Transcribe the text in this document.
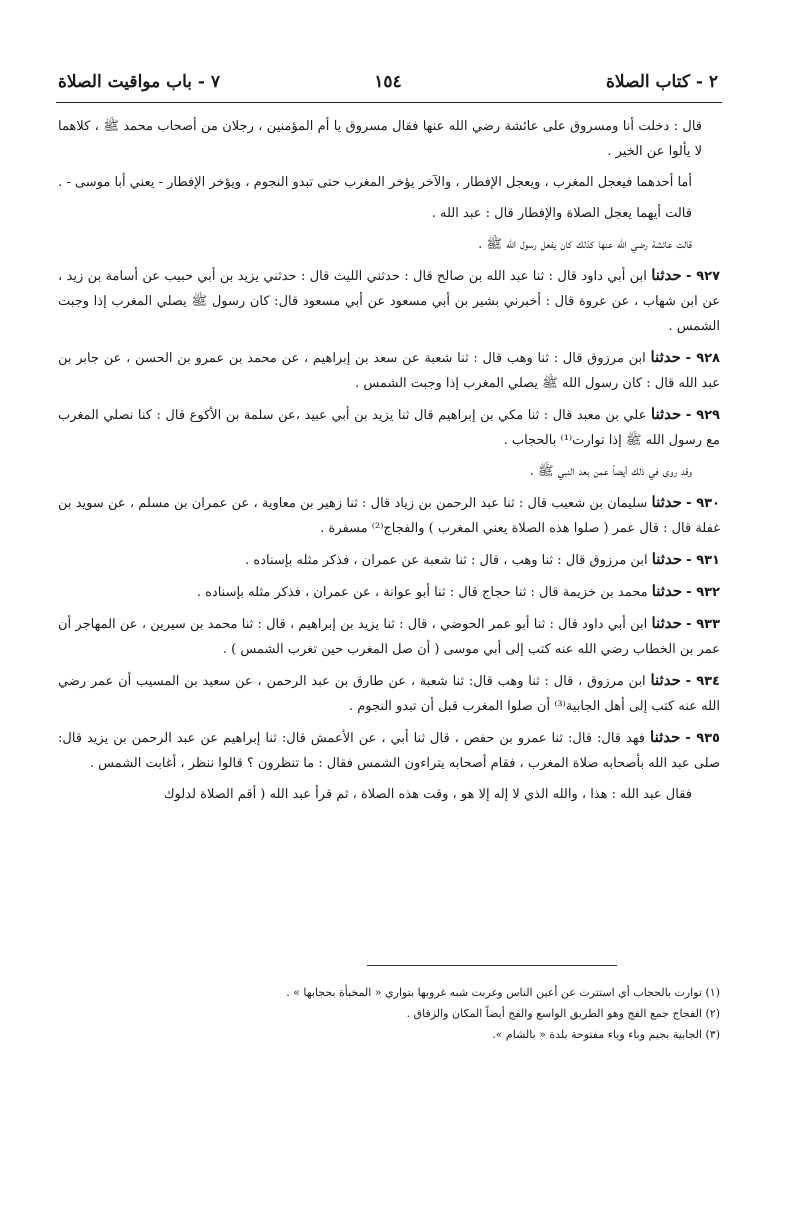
٢ - كتاب الصلاة
١٥٤
٧ - باب مواقيت الصلاة

قال : دخلت أنا ومسروق على عائشة رضي الله عنها فقال مسروق يا أم المؤمنين ، رجلان من أصحاب محمد ﷺ ، كلاهما لا يألوا عن الخير .

أما أحدهما فيعجل المغرب ، ويعجل الإفطار ، والآخر يؤخر المغرب حتى تبدو النجوم ، ويؤخر الإفطار - يعني أبا موسى - .

قالت أيهما يعجل الصلاة والإفطار قال : عبد الله .

قالت عائشة رضي الله عنها كذلك كان يفعل رسول الله ﷺ .

٩٢٧ - حدثنا ابن أبي داود قال : ثنا عبد الله بن صالح قال : حدثني الليث قال : حدثني يزيد بن أبي حبيب عن أسامة بن زيد ، عن ابن شهاب ، عن عروة قال : أخبرني بشير بن أبي مسعود عن أبي مسعود قال: كان رسول ﷺ يصلي المغرب إذا وجبت الشمس .

٩٢٨ - حدثنا ابن مرزوق قال : ثنا وهب قال : ثنا شعبة عن سعد بن إبراهيم ، عن محمد بن عمرو بن الحسن ، عن جابر بن عبد الله قال : كان رسول الله ﷺ يصلي المغرب إذا وجبت الشمس .

٩٢٩ - حدثنا علي بن معبد قال : ثنا مكي بن إبراهيم قال ثنا يزيد بن أبي عبيد ،عن سلمة بن الأكوع قال : كنا نصلي المغرب مع رسول الله ﷺ إذا توارت⁽¹⁾ بالحجاب .

وقد روى في ذلك أيضاً عمن بعد النبي ﷺ .

٩٣٠ - حدثنا سليمان بن شعيب قال : ثنا عبد الرحمن بن زياد قال : ثنا زهير بن معاوية ، عن عمران بن مسلم ، عن سويد بن غفلة قال : قال عمر ( صلوا هذه الصلاة يعني المغرب ) والفجاج⁽²⁾ مسفرة .

٩٣١ - حدثنا ابن مرزوق قال : ثنا وهب ، قال : ثنا شعبة عن عمران ، فذكر مثله بإسناده .

٩٣٢ - حدثنا محمد بن خزيمة قال : ثنا حجاج قال : ثنا أبو عوانة ، عن عمران ، فذكر مثله بإسناده .

٩٣٣ - حدثنا ابن أبي داود قال : ثنا أبو عمر الحوضي ، قال : ثنا يزيد بن إبراهيم ، قال : ثنا محمد بن سيرين ، عن المهاجر أن عمر بن الخطاب رضي الله عنه كتب إلى أبي موسى ( أن صل المغرب حين تغرب الشمس ) .

٩٣٤ - حدثنا ابن مرزوق ، قال : ثنا وهب قال: ثنا شعبة ، عن طارق بن عبد الرحمن ، عن سعيد بن المسيب أن عمر رضي الله عنه كتب إلى أهل الجابية⁽³⁾ أن صلوا المغرب قبل أن تبدو النجوم .

٩٣٥ - حدثنا فهد قال: قال: ثنا عمرو بن حفص ، قال ثنا أبي ، عن الأعمش قال: ثنا إبراهيم عن عبد الرحمن بن يزيد قال: صلى عبد الله بأصحابه صلاة المغرب ، فقام أصحابه يتراءون الشمس فقال : ما تنظرون ؟ قالوا ننظر ، أغابت الشمس .

فقال عبد الله : هذا ، والله الذي لا إله إلا هو ، وقت هذه الصلاة ، ثم قرأ عبد الله ( أقم الصلاة لدلوك

(١) توارت بالحجاب أي استترت عن أعين الناس وغربت شبه غروبها بتواري « المخبأة بحجابها » .

(٢) الفجاج جمع الفج وهو الطريق الواسع والفج أيضاً المكان والزقاق .

(٣) الجابية بجيم وباء وياء مفتوحة بلدة « بالشام ».
